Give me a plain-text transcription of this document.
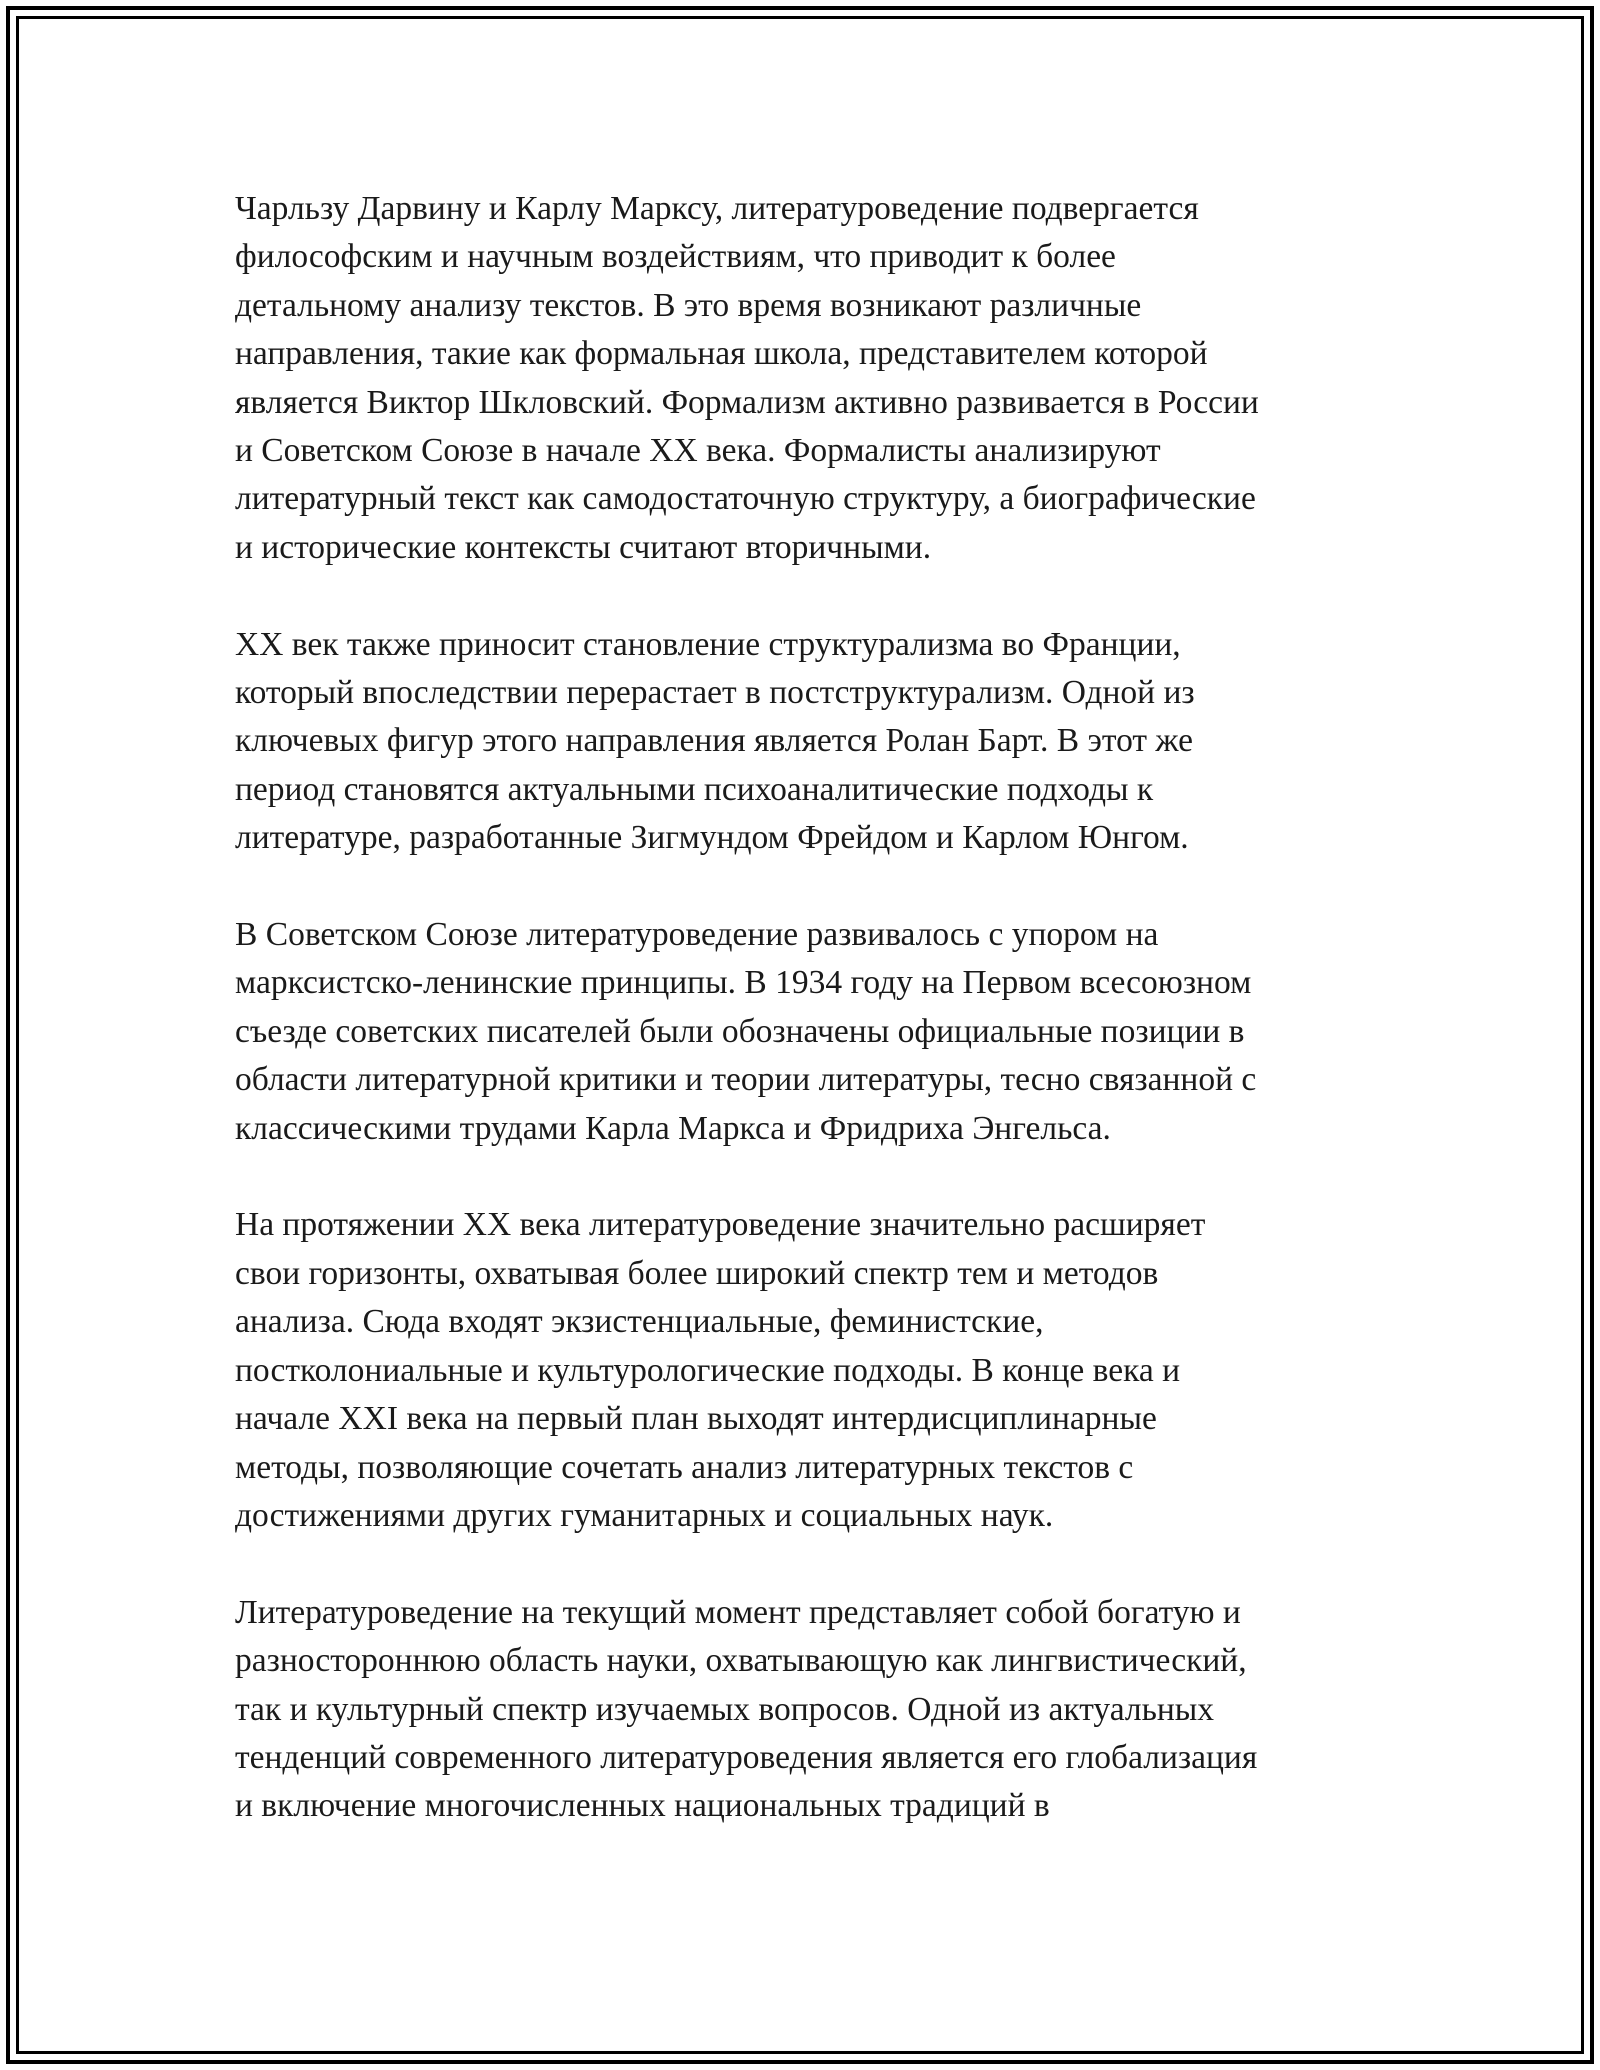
Чарльзу Дарвину и Карлу Марксу, литературоведение подвергается
философским и научным воздействиям, что приводит к более
детальному анализу текстов. В это время возникают различные
направления, такие как формальная школа, представителем которой
является Виктор Шкловский. Формализм активно развивается в России
и Советском Союзе в начале XX века. Формалисты анализируют
литературный текст как самодостаточную структуру, а биографические
и исторические контексты считают вторичными.

XX век также приносит становление структурализма во Франции,
который впоследствии перерастает в постструктурализм. Одной из
ключевых фигур этого направления является Ролан Барт. В этот же
период становятся актуальными психоаналитические подходы к
литературе, разработанные Зигмундом Фрейдом и Карлом Юнгом.

В Советском Союзе литературоведение развивалось с упором на
марксистско-ленинские принципы. В 1934 году на Первом всесоюзном
съезде советских писателей были обозначены официальные позиции в
области литературной критики и теории литературы, тесно связанной с
классическими трудами Карла Маркса и Фридриха Энгельса.

На протяжении XX века литературоведение значительно расширяет
свои горизонты, охватывая более широкий спектр тем и методов
анализа. Сюда входят экзистенциальные, феминистские,
постколониальные и культурологические подходы. В конце века и
начале XXI века на первый план выходят интердисциплинарные
методы, позволяющие сочетать анализ литературных текстов с
достижениями других гуманитарных и социальных наук.

Литературоведение на текущий момент представляет собой богатую и
разностороннюю область науки, охватывающую как лингвистический,
так и культурный спектр изучаемых вопросов. Одной из актуальных
тенденций современного литературоведения является его глобализация
и включение многочисленных национальных традиций в
